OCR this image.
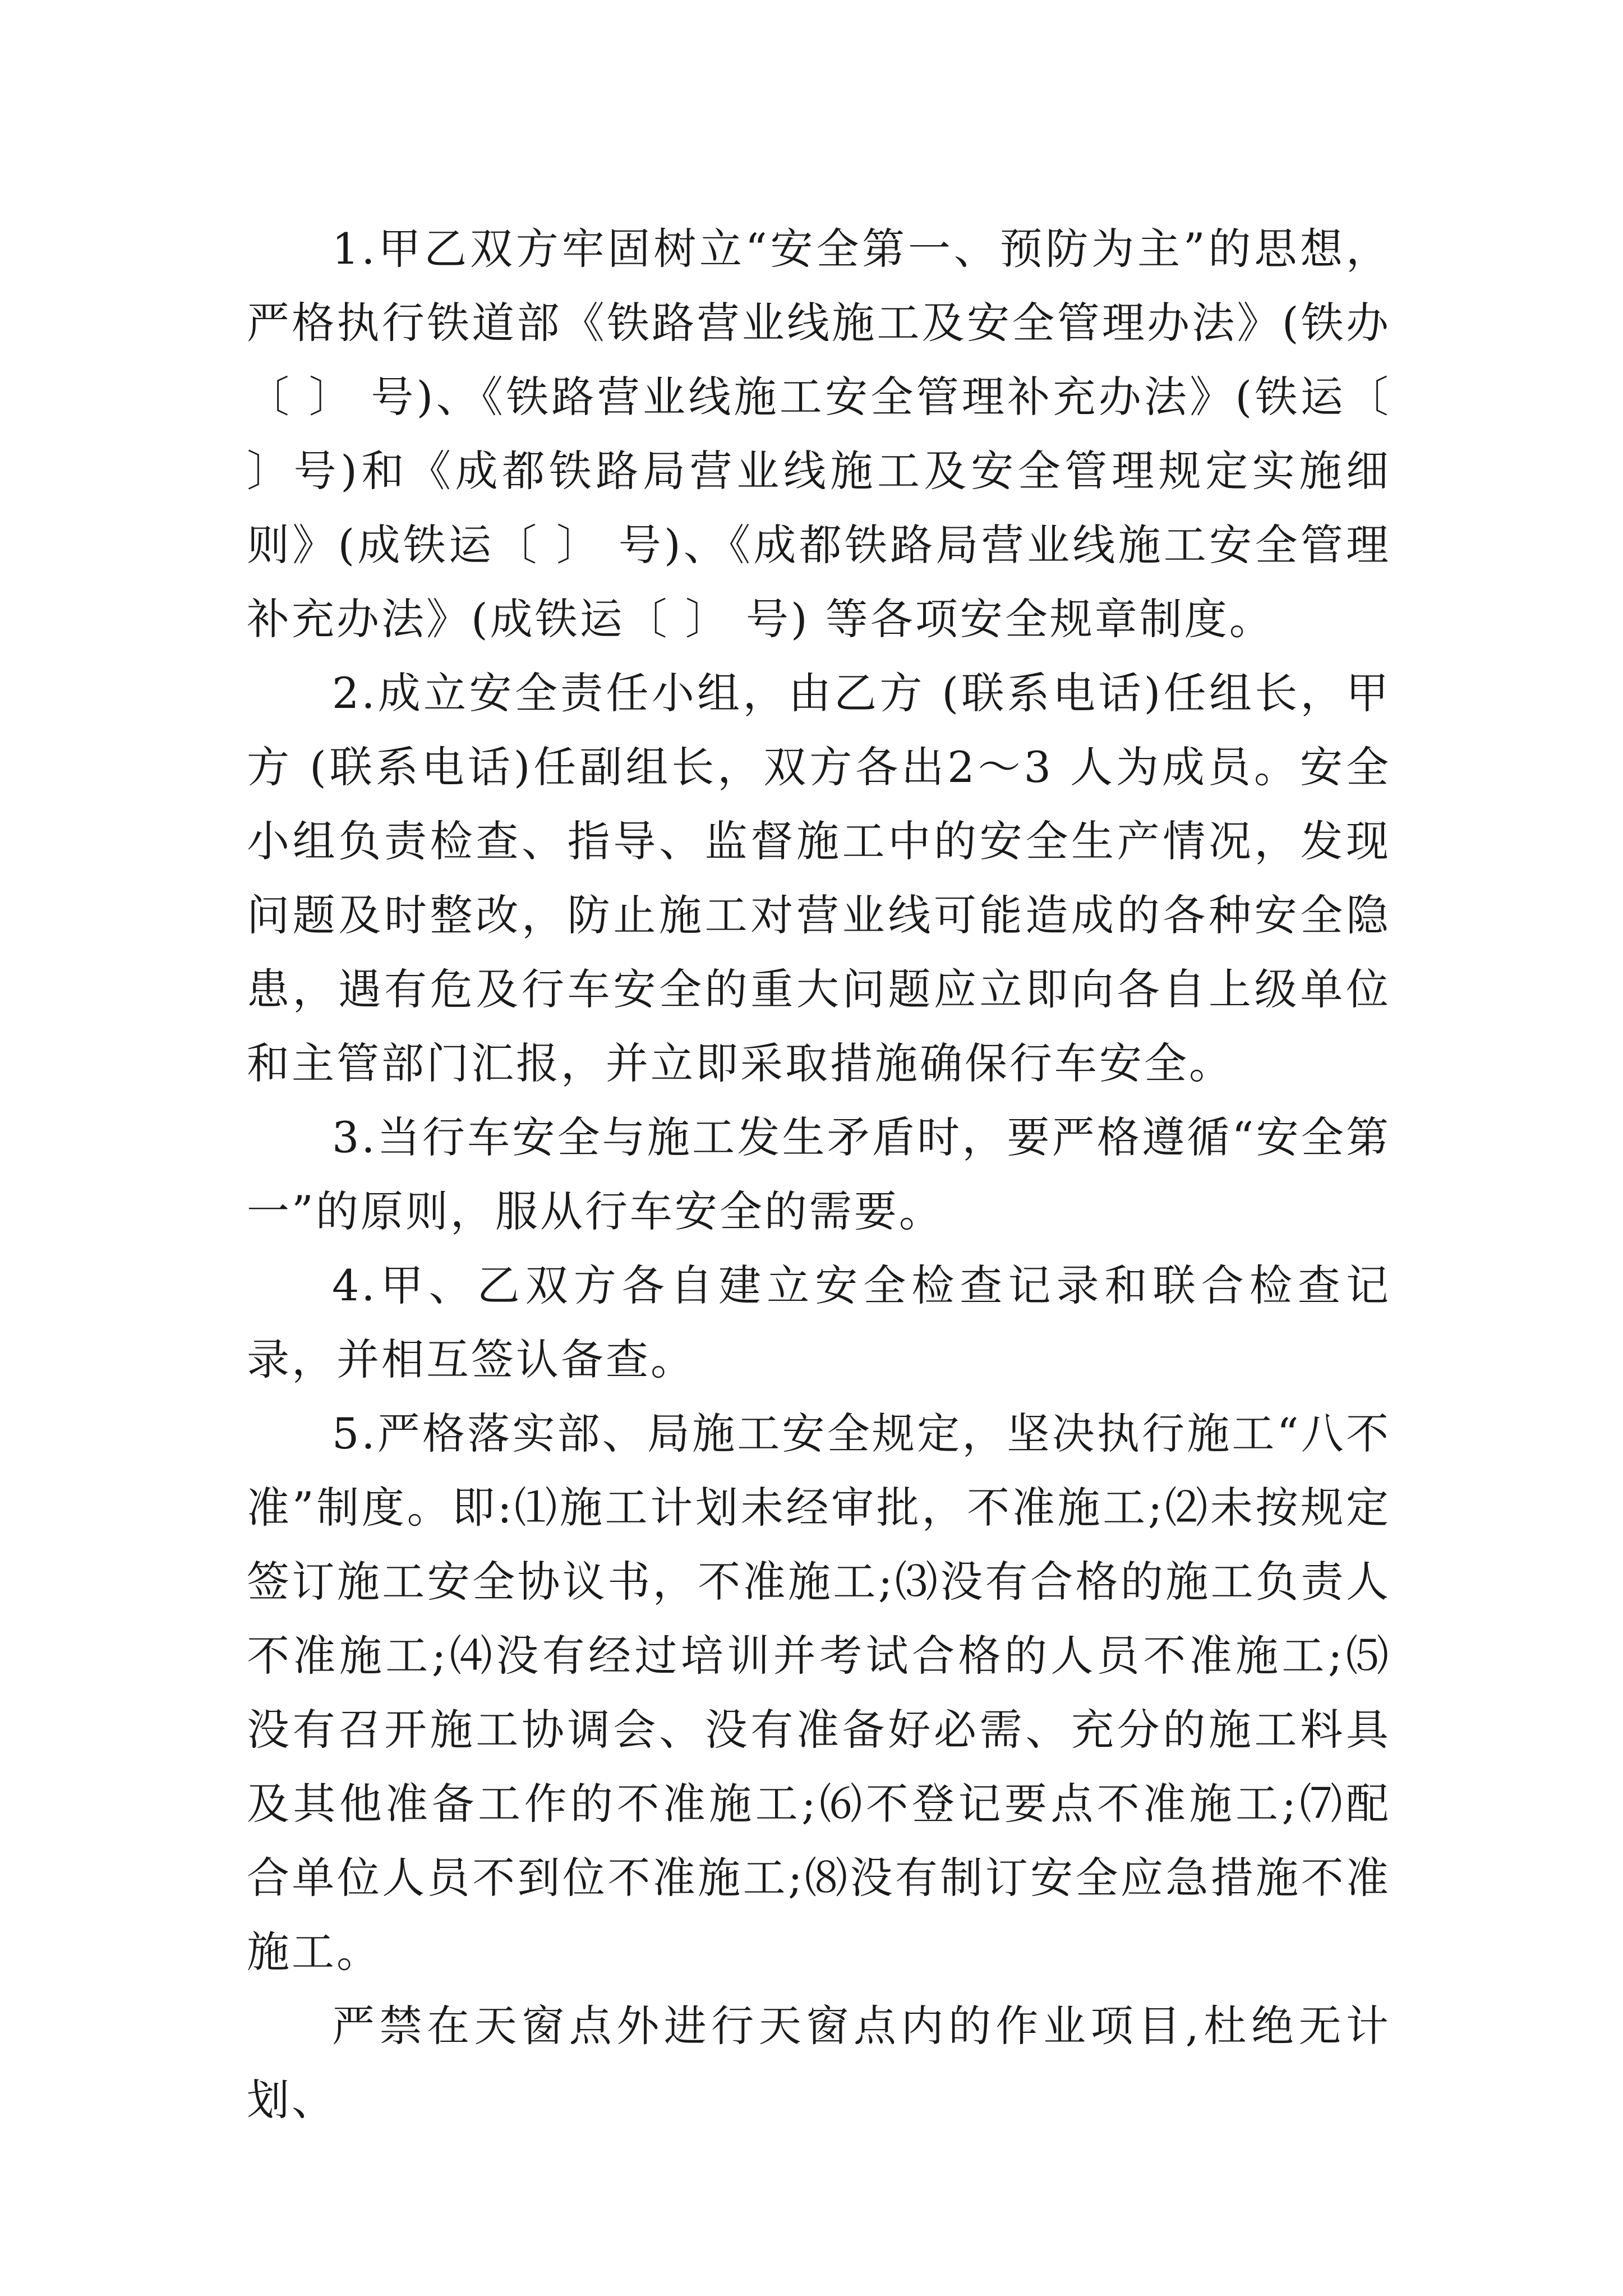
1.甲乙双方牢固树立“安全第一、预防为主”的思想，严格执行铁道部《铁路营业线施工及安全管理办法》(铁办〔 〕 号)、《铁路营业线施工安全管理补充办法》(铁运〔 〕号)和《成都铁路局营业线施工及安全管理规定实施细则》(成铁运〔 〕 号)、《成都铁路局营业线施工安全管理补充办法》(成铁运〔 〕 号) 等各项安全规章制度。

2.成立安全责任小组，由乙方 (联系电话)任组长，甲方 (联系电话)任副组长，双方各出2～3 人为成员。安全小组负责检查、指导、监督施工中的安全生产情况，发现问题及时整改，防止施工对营业线可能造成的各种安全隐患，遇有危及行车安全的重大问题应立即向各自上级单位和主管部门汇报，并立即采取措施确保行车安全。

3.当行车安全与施工发生矛盾时，要严格遵循“安全第一”的原则，服从行车安全的需要。

4.甲、乙双方各自建立安全检查记录和联合检查记录，并相互签认备查。

5.严格落实部、局施工安全规定，坚决执行施工“八不准”制度。即:⑴施工计划未经审批，不准施工;⑵未按规定签订施工安全协议书，不准施工;⑶没有合格的施工负责人不准施工;⑷没有经过培训并考试合格的人员不准施工;⑸没有召开施工协调会、没有准备好必需、充分的施工料具及其他准备工作的不准施工;⑹不登记要点不准施工;⑺配合单位人员不到位不准施工;⑻没有制订安全应急措施不准施工。

严禁在天窗点外进行天窗点内的作业项目,杜绝无计划、
